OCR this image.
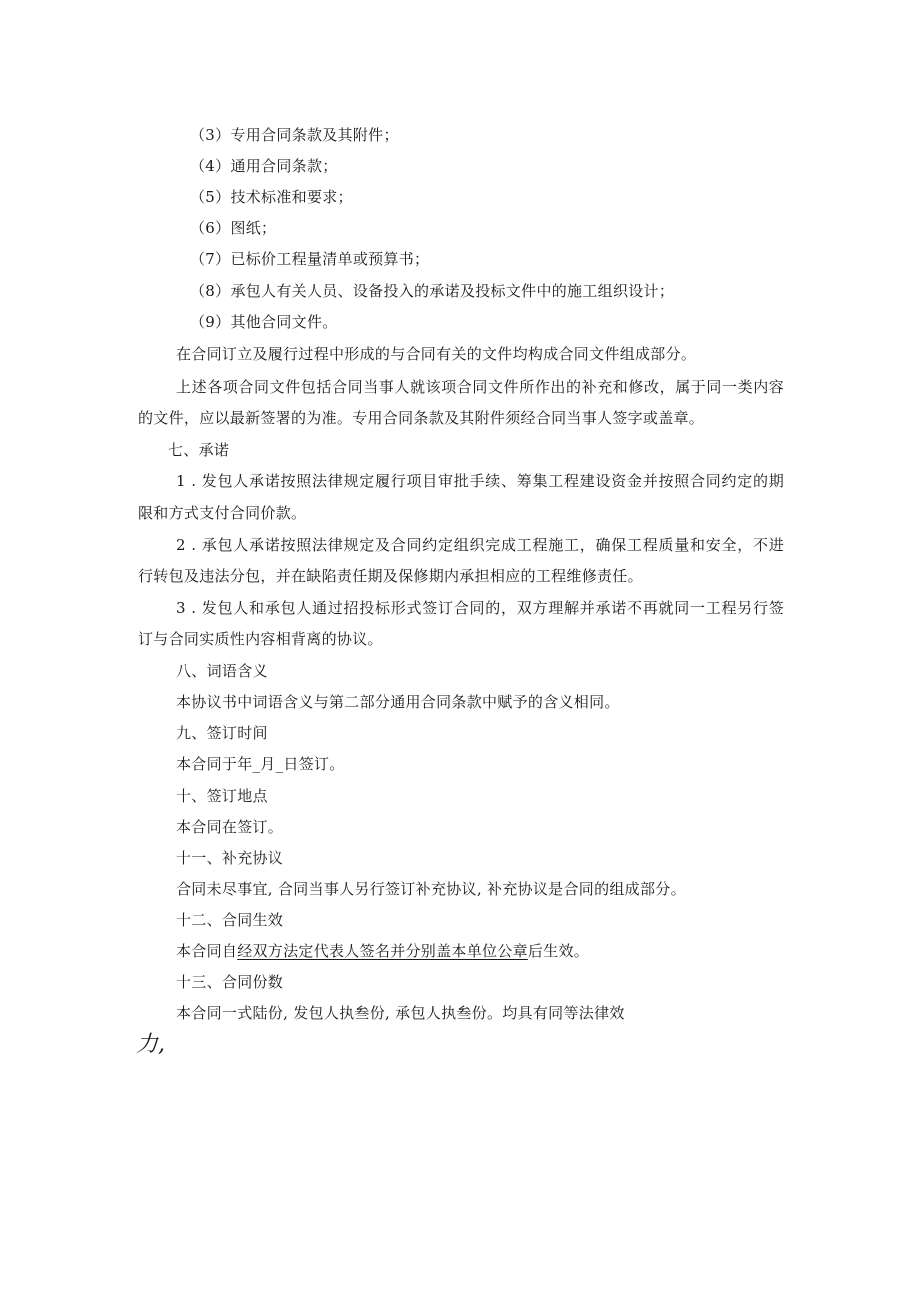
（3）专用合同条款及其附件；
（4）通用合同条款；
（5）技术标准和要求；
（6）图纸；
（7）已标价工程量清单或预算书；
（8）承包人有关人员、设备投入的承诺及投标文件中的施工组织设计；
（9）其他合同文件。
在合同订立及履行过程中形成的与合同有关的文件均构成合同文件组成部分。
上述各项合同文件包括合同当事人就该项合同文件所作出的补充和修改，属于同一类内容
的文件，应以最新签署的为准。专用合同条款及其附件须经合同当事人签字或盖章。
七、承诺
1 . 发包人承诺按照法律规定履行项目审批手续、筹集工程建设资金并按照合同约定的期
限和方式支付合同价款。
2 . 承包人承诺按照法律规定及合同约定组织完成工程施工，确保工程质量和安全，不进
行转包及违法分包，并在缺陷责任期及保修期内承担相应的工程维修责任。
3 . 发包人和承包人通过招投标形式签订合同的，双方理解并承诺不再就同一工程另行签
订与合同实质性内容相背离的协议。
八、词语含义
本协议书中词语含义与第二部分通用合同条款中赋予的含义相同。
九、签订时间
本合同于年_月_日签订。
十、签订地点
本合同在签订。
十一、补充协议
合同未尽事宜, 合同当事人另行签订补充协议, 补充协议是合同的组成部分。
十二、合同生效
本合同自经双方法定代表人签名并分别盖本单位公章后生效。
十三、合同份数
本合同一式陆份, 发包人执叁份, 承包人执叁份。均具有同等法律效
力,
